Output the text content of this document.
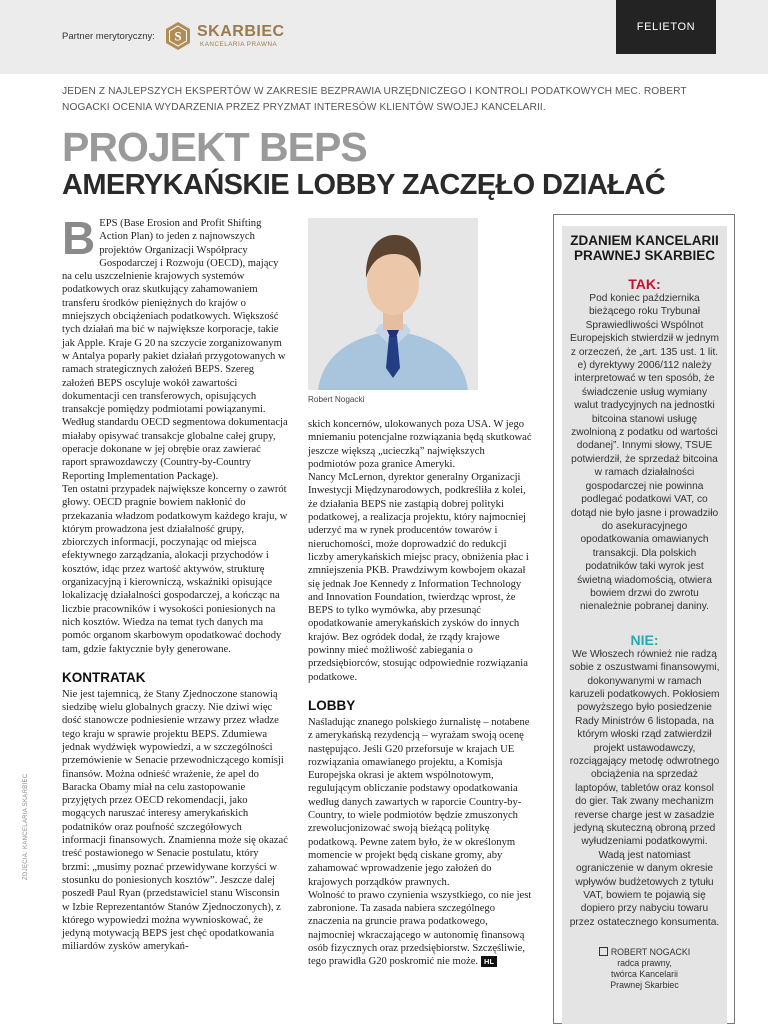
Partner merytoryczny: S SKARBIEC
KANCELARIA PRAWNA
FELIETON

JEDEN Z NAJLEPSZYCH EKSPERTÓW W ZAKRESIE BEZPRAWIA URZĘDNICZEGO I KONTROLI PODATKOWYCH MEC. ROBERT NOGACKI OCENIA WYDARZENIA PRZEZ PRYZMAT INTERESÓW KLIENTÓW SWOJEJ KANCELARII.

PROJEKT BEPS
AMERYKAŃSKIE LOBBY ZACZĘŁO DZIAŁAĆ
B EPS (Base Erosion and Profit Shifting Action Plan) to jeden z najnowszych projektów Organizacji Współpracy Gospodarczej i Rozwoju (OECD), mający na celu uszczelnienie krajowych systemów podatkowych oraz skutkujący zahamowaniem transferu środków pieniężnych do krajów o mniejszych obciążeniach podatkowych. Większość tych działań ma bić w największe korporacje, takie jak Apple. Kraje G 20 na szczycie zorganizowanym w Antalya poparły pakiet działań przygotowanych w ramach strategicznych założeń BEPS. Szereg założeń BEPS oscyluje wokół zawartości dokumentacji cen transferowych, opisujących transakcje pomiędzy podmiotami powiązanymi. Według standardu OECD segmentowa dokumentacja miałaby opisywać transakcje globalne całej grupy, operacje dokonane w jej obrębie oraz zawierać raport sprawozdawczy (Country-by-Country Reporting Implementation Package).

Ten ostatni przypadek największe koncerny o zawrót głowy. OECD pragnie bowiem nakłonić do przekazania władzom podatkowym każdego kraju, w którym prowadzona jest działalność grupy, zbiorczych informacji, poczynając od miejsca efektywnego zarządzania, alokacji przychodów i kosztów, idąc przez wartość aktywów, strukturę organizacyjną i kierowniczą, wskaźniki opisujące lokalizację działalności gospodarczej, a kończąc na liczbie pracowników i wysokości poniesionych na nich kosztów. Wiedza na temat tych danych ma pomóc organom skarbowym opodatkować dochody tam, gdzie faktycznie były generowane.

KONTRATAK

Nie jest tajemnicą, że Stany Zjednoczone stanowią siedzibę wielu globalnych graczy. Nie dziwi więc dość stanowcze podniesienie wrzawy przez władze tego kraju w sprawie projektu BEPS. Zdumiewa jednak wydźwięk wypowiedzi, a w szczególności przemówienie w Senacie przewodniczącego komisji finansów. Można odnieść wrażenie, że apel do Baracka Obamy miał na celu zastopowanie przyjętych przez OECD rekomendacji, jako mogących naruszać interesy amerykańskich podatników oraz poufność szczegółowych informacji finansowych. Znamienna może się okazać treść postawionego w Senacie postulatu, który brzmi: „musimy poznać przewidywane korzyści w stosunku do poniesionych kosztów”. Jeszcze dalej poszedł Paul Ryan (przedstawiciel stanu Wisconsin w Izbie Reprezentantów Stanów Zjednoczonych), z którego wypowiedzi można wywnioskować, że jedyną motywacją BEPS jest chęć opodatkowania miliardów zysków amerykań-

Robert Nogacki

skich koncernów, ulokowanych poza USA. W jego mniemaniu potencjalne rozwiązania będą skutkować jeszcze większą „ucieczką” największych podmiotów poza granice Ameryki.

Nancy McLernon, dyrektor generalny Organizacji Inwestycji Międzynarodowych, podkreśliła z kolei, że działania BEPS nie zastąpią dobrej polityki podatkowej, a realizacja projektu, który najmocniej uderzyć ma w rynek producentów towarów i nieruchomości, może doprowadzić do redukcji liczby amerykańskich miejsc pracy, obniżenia płac i zmniejszenia PKB. Prawdziwym kowbojem okazał się jednak Joe Kennedy z Information Technology and Innovation Foundation, twierdząc wprost, że BEPS to tylko wymówka, aby przesunąć opodatkowanie amerykańskich zysków do innych krajów. Bez ogródek dodał, że rządy krajowe powinny mieć możliwość zabiegania o przedsiębiorców, stosując odpowiednie rozwiązania podatkowe.

LOBBY

Naśladując znanego polskiego żurnalistę – notabene z amerykańską rezydencją – wyrażam swoją ocenę następująco. Jeśli G20 przeforsuje w krajach UE rozwiązania omawianego projektu, a Komisja Europejska okrasi je aktem wspólnotowym, regulującym obliczanie podstawy opodatkowania według danych zawartych w raporcie Country-by-Country, to wiele podmiotów będzie zmuszonych zrewolucjonizować swoją bieżącą politykę podatkową. Pewne zatem było, że w określonym momencie w projekt będą ciskane gromy, aby zahamować wprowadzenie jego założeń do krajowych porządków prawnych.

Wolność to prawo czynienia wszystkiego, co nie jest zabronione. Ta zasada nabiera szczególnego znaczenia na gruncie prawa podatkowego, najmocniej wkraczającego w autonomię finansową osób fizycznych oraz przedsiębiorstw. Szczęśliwie, tego prawidła G20 poskromić nie może. HL

ZDANIEM KANCELARII PRAWNEJ SKARBIEC
TAK:

Pod koniec października bieżącego roku Trybunał Sprawiedliwości Wspólnot Europejskich stwierdził w jednym z orzeczeń, że „art. 135 ust. 1 lit. e) dyrektywy 2006/112 należy interpretować w ten sposób, że świadczenie usług wymiany walut tradycyjnych na jednostki bitcoina stanowi usługę zwolnioną z podatku od wartości dodanej”. Innymi słowy, TSUE potwierdził, że sprzedaż bitcoina w ramach działalności gospodarczej nie powinna podlegać podatkowi VAT, co dotąd nie było jasne i prowadziło do asekuracyjnego opodatkowania omawianych transakcji. Dla polskich podatników taki wyrok jest świetną wiadomością, otwiera bowiem drzwi do zwrotu nienależnie pobranej daniny.

NIE:

We Włoszech również nie radzą sobie z oszustwami finansowymi, dokonywanymi w ramach karuzeli podatkowych. Pokłosiem powyższego było posiedzenie Rady Ministrów 6 listopada, na którym włoski rząd zatwierdził projekt ustawodawczy, rozciągający metodę odwrotnego obciążenia na sprzedaż laptopów, tabletów oraz konsol do gier. Tak zwany mechanizm reverse charge jest w zasadzie jedyną skuteczną obroną przed wyłudzeniami podatkowymi. Wadą jest natomiast ograniczenie w danym okresie wpływów budżetowych z tytułu VAT, bowiem te pojawią się dopiero przy nabyciu towaru przez ostatecznego konsumenta.

ROBERT NOGACKI
radca prawny,
twórca Kancelarii
Prawnej Skarbiec
ZDJĘCIA: KANCELARIA SKARBIEC
